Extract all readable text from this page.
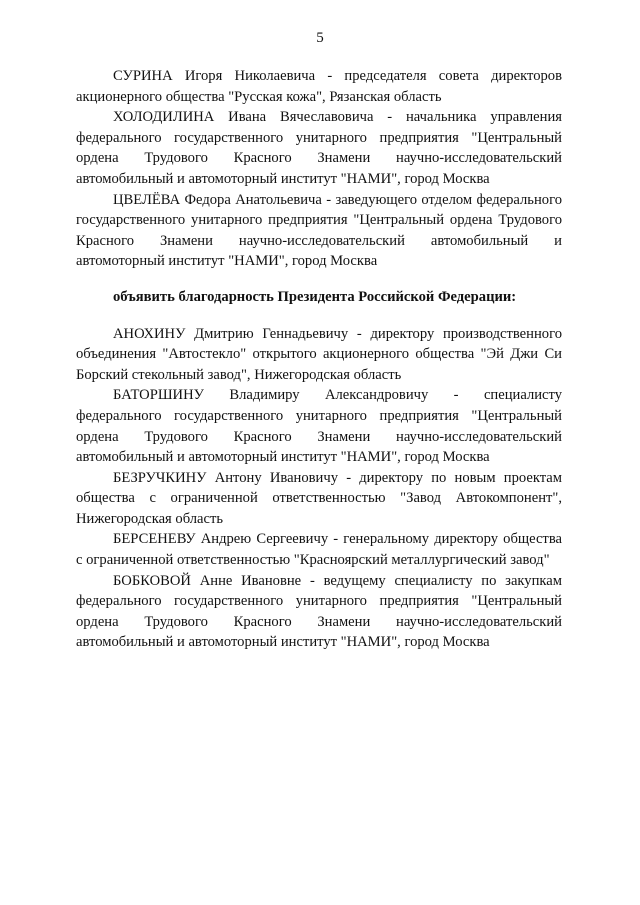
5

СУРИНА Игоря Николаевича - председателя совета директоров акционерного общества "Русская кожа", Рязанская область

ХОЛОДИЛИНА Ивана Вячеславовича - начальника управления федерального государственного унитарного предприятия "Центральный ордена Трудового Красного Знамени научно-исследовательский автомобильный и автомоторный институт "НАМИ", город Москва

ЦВЕЛЁВА Федора Анатольевича - заведующего отделом федерального государственного унитарного предприятия "Центральный ордена Трудового Красного Знамени научно-исследовательский автомобильный и автомоторный институт "НАМИ", город Москва

объявить благодарность Президента Российской Федерации:

АНОХИНУ Дмитрию Геннадьевичу - директору производственного объединения "Автостекло" открытого акционерного общества "Эй Джи Си Борский стекольный завод", Нижегородская область

БАТОРШИНУ Владимиру Александровичу - специалисту федерального государственного унитарного предприятия "Центральный ордена Трудового Красного Знамени научно-исследовательский автомобильный и автомоторный институт "НАМИ", город Москва

БЕЗРУЧКИНУ Антону Ивановичу - директору по новым проектам общества с ограниченной ответственностью "Завод Автокомпонент", Нижегородская область

БЕРСЕНЕВУ Андрею Сергеевичу - генеральному директору общества с ограниченной ответственностью "Красноярский металлургический завод"

БОБКОВОЙ Анне Ивановне - ведущему специалисту по закупкам федерального государственного унитарного предприятия "Центральный ордена Трудового Красного Знамени научно-исследовательский автомобильный и автомоторный институт "НАМИ", город Москва
